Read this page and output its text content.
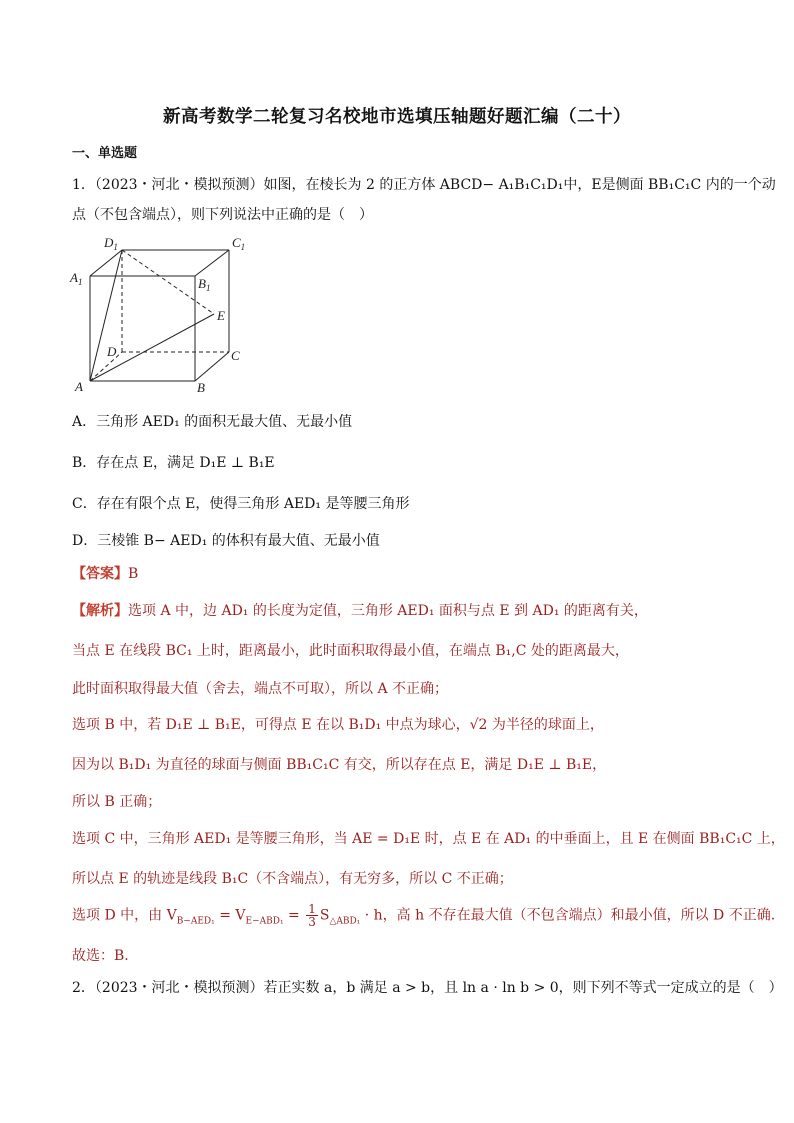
新高考数学二轮复习名校地市选填压轴题好题汇编（二十）
一、单选题
1．（2023・河北・模拟预测）如图，在棱长为 2 的正方体 ABCD− A₁B₁C₁D₁中，E是侧面 BB₁C₁C 内的一个动
点（不包含端点），则下列说法中正确的是（　）
$D_1$	$C_1$
$A_1$	$B_1$
E
D	C
A	B
A．三角形 AED₁ 的面积无最大值、无最小值
B．存在点 E，满足 D₁E ⊥ B₁E
C．存在有限个点 E，使得三角形 AED₁ 是等腰三角形
D．三棱锥 B− AED₁ 的体积有最大值、无最小值
【答案】B
【解析】选项 A 中，边 AD₁ 的长度为定值，三角形 AED₁ 面积与点 E 到 AD₁ 的距离有关，
当点 E 在线段 BC₁ 上时，距离最小，此时面积取得最小值，在端点 B₁,C 处的距离最大，
此时面积取得最大值（舍去，端点不可取），所以 A 不正确；
选项 B 中，若 D₁E ⊥ B₁E，可得点 E 在以 B₁D₁ 中点为球心，√2 为半径的球面上，
因为以 B₁D₁ 为直径的球面与侧面 BB₁C₁C 有交，所以存在点 E，满足 D₁E ⊥ B₁E，
所以 B 正确；
选项 C 中，三角形 AED₁ 是等腰三角形，当 AE = D₁E 时，点 E 在 AD₁ 的中垂面上，且 E 在侧面 BB₁C₁C 上，
所以点 E 的轨迹是线段 B₁C（不含端点），有无穷多，所以 C 不正确；
选项 D 中，由 $V_{B-AED_1} = V_{E-ABD_1} = \frac{1}{3} S_{\triangle ABD_1} \cdot h$，高 h 不存在最大值（不包含端点）和最小值，所以 D 不正确.
故选：B.
2．（2023・河北・模拟预测）若正实数 a，b 满足 a > b，且 ln a · ln b > 0，则下列不等式一定成立的是（　）
